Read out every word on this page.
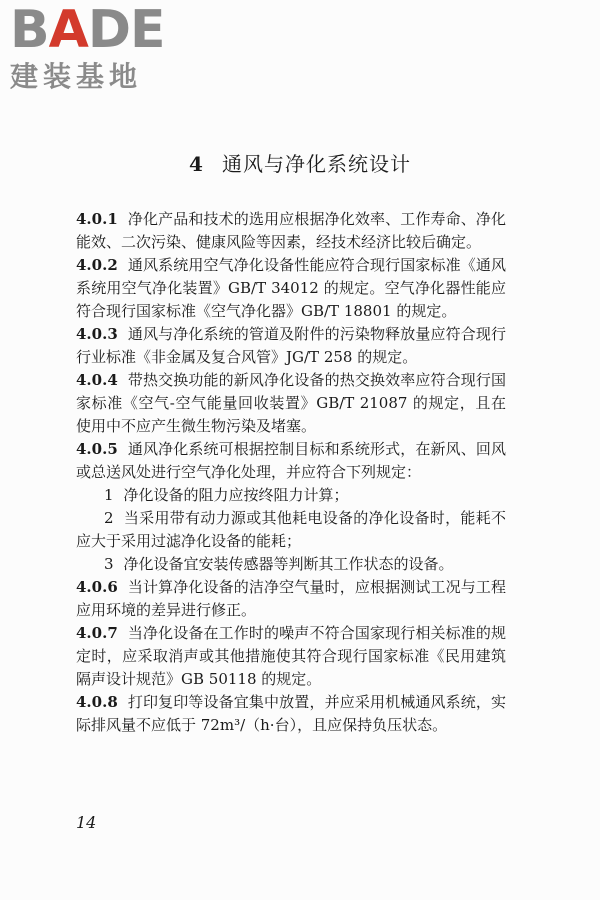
BADE
建装基地
4 通风与净化系统设计

4.0.1 净化产品和技术的选用应根据净化效率、工作寿命、净化能效、二次污染、健康风险等因素，经技术经济比较后确定。

4.0.2 通风系统用空气净化设备性能应符合现行国家标准《通风系统用空气净化装置》GB/T 34012 的规定。空气净化器性能应符合现行国家标准《空气净化器》GB/T 18801 的规定。

4.0.3 通风与净化系统的管道及附件的污染物释放量应符合现行行业标准《非金属及复合风管》JG/T 258 的规定。

4.0.4 带热交换功能的新风净化设备的热交换效率应符合现行国家标准《空气-空气能量回收装置》GB/T 21087 的规定，且在使用中不应产生微生物污染及堵塞。

4.0.5 通风净化系统可根据控制目标和系统形式，在新风、回风或总送风处进行空气净化处理，并应符合下列规定：

1 净化设备的阻力应按终阻力计算；

2 当采用带有动力源或其他耗电设备的净化设备时，能耗不应大于采用过滤净化设备的能耗；

3 净化设备宜安装传感器等判断其工作状态的设备。

4.0.6 当计算净化设备的洁净空气量时，应根据测试工况与工程应用环境的差异进行修正。

4.0.7 当净化设备在工作时的噪声不符合国家现行相关标准的规定时，应采取消声或其他措施使其符合现行国家标准《民用建筑隔声设计规范》GB 50118 的规定。

4.0.8 打印复印等设备宜集中放置，并应采用机械通风系统，实际排风量不应低于 72m³/（h·台），且应保持负压状态。

14
